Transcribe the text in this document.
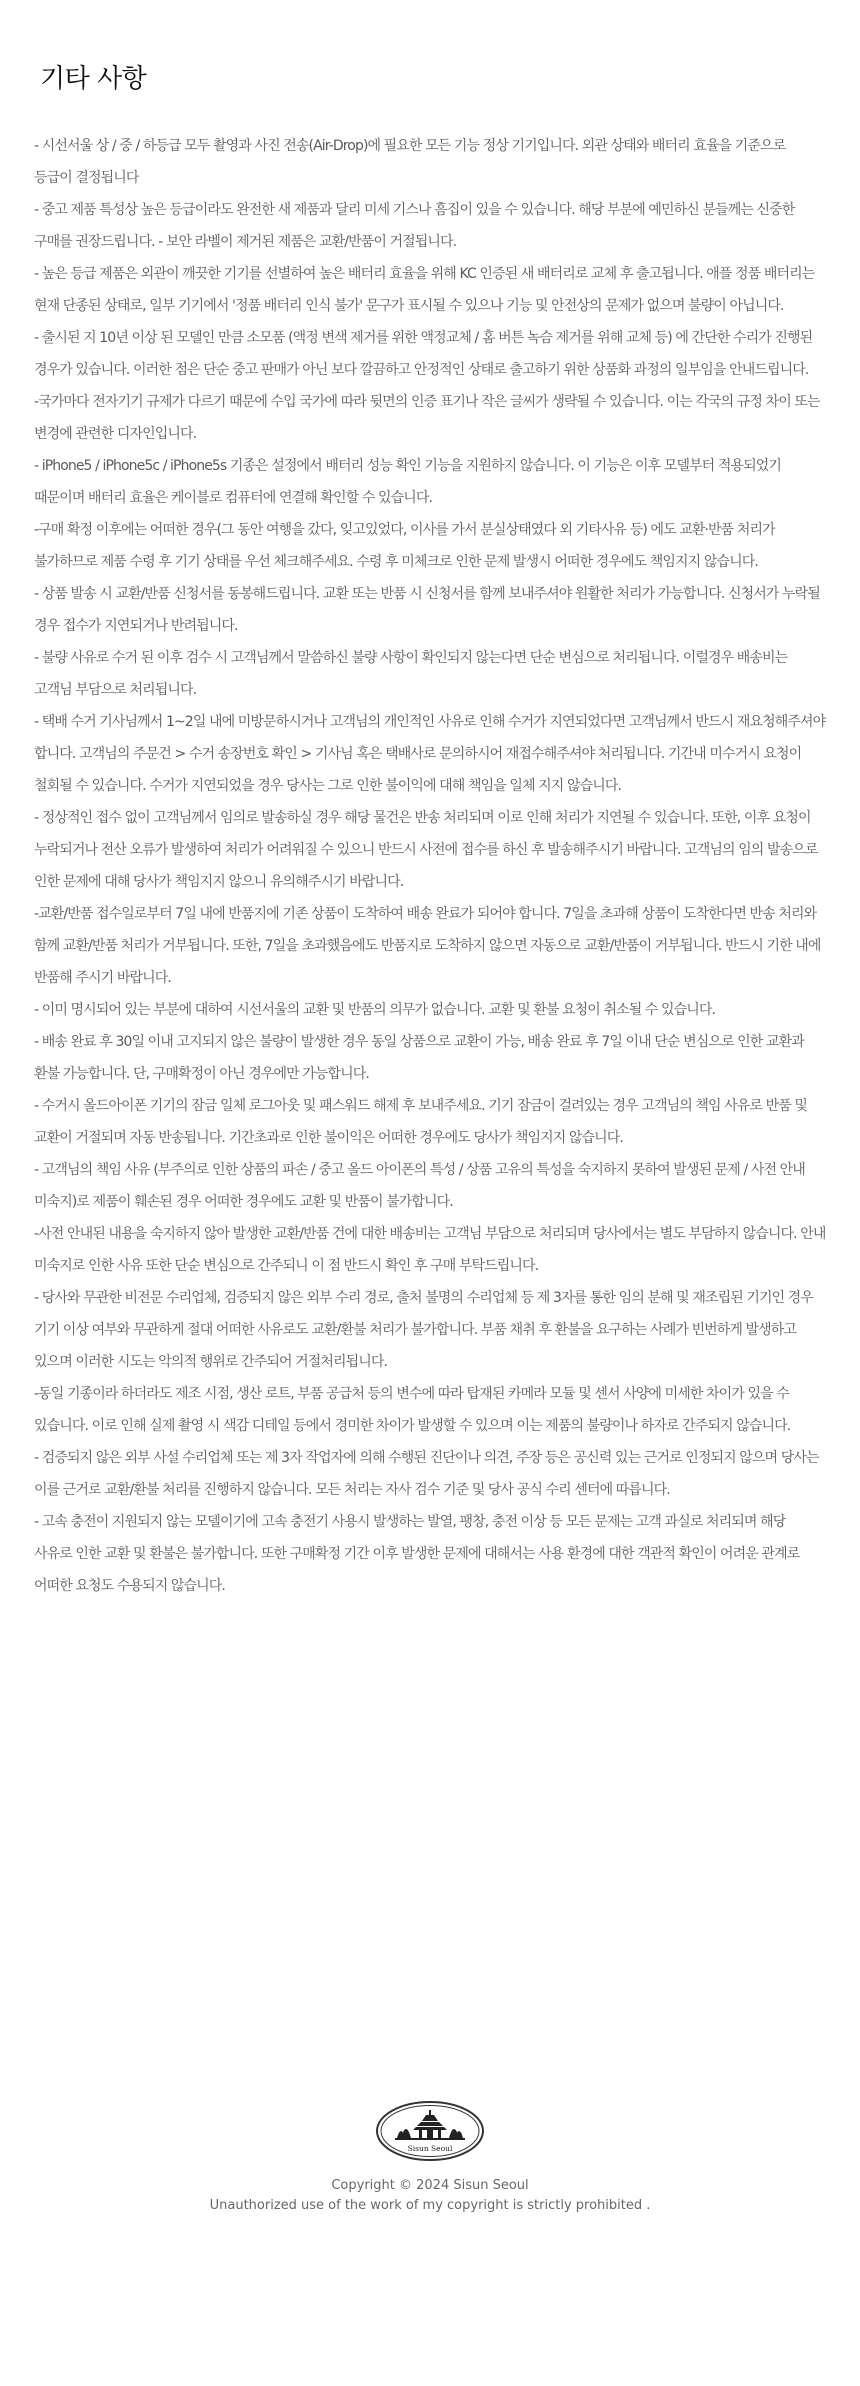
기타 사항
- 시선서울 상 / 중 / 하등급 모두 촬영과 사진 전송(Air-Drop)에 필요한 모든 기능 정상 기기입니다. 외관 상태와 배터리 효율을 기준으로 등급이 결정됩니다
- 중고 제품 특성상 높은 등급이라도 완전한 새 제품과 달리 미세 기스나 흠집이 있을 수 있습니다. 해당 부분에 예민하신 분들께는 신중한 구매를 권장드립니다. - 보안 라벨이 제거된 제품은 교환/반품이 거절됩니다.
- 높은 등급 제품은 외관이 깨끗한 기기를 선별하여 높은 배터리 효율을 위해 KC 인증된 새 배터리로 교체 후 출고됩니다. 애플 정품 배터리는 현재 단종된 상태로, 일부 기기에서 '정품 배터리 인식 불가' 문구가 표시될 수 있으나 기능 및 안전상의 문제가 없으며 불량이 아닙니다.
- 출시된 지 10년 이상 된 모델인 만큼 소모품 (액정 변색 제거를 위한 액정교체 / 홈 버튼 녹슴 제거를 위해 교체 등) 에 간단한 수리가 진행된 경우가 있습니다. 이러한 점은 단순 중고 판매가 아닌 보다 깔끔하고 안정적인 상태로 출고하기 위한 상품화 과정의 일부임을 안내드립니다.
-국가마다 전자기기 규제가 다르기 때문에 수입 국가에 따라 뒷면의 인증 표기나 작은 글씨가 생략될 수 있습니다. 이는 각국의 규정 차이 또는 변경에 관련한 디자인입니다.
- iPhone5 / iPhone5c / iPhone5s 기종은 설정에서 배터리 성능 확인 기능을 지원하지 않습니다. 이 기능은 이후 모델부터 적용되었기 때문이며 배터리 효율은 케이블로 컴퓨터에 연결해 확인할 수 있습니다.
-구매 확정 이후에는 어떠한 경우(그 동안 여행을 갔다, 잊고있었다, 이사를 가서 분실상태였다 외 기타사유 등) 에도 교환·반품 처리가 불가하므로 제품 수령 후 기기 상태를 우선 체크해주세요. 수령 후 미체크로 인한 문제 발생시 어떠한 경우에도 책임지지 않습니다.
- 상품 발송 시 교환/반품 신청서를 동봉해드립니다. 교환 또는 반품 시 신청서를 함께 보내주셔야 원활한 처리가 가능합니다. 신청서가 누락될 경우 접수가 지연되거나 반려됩니다.
- 불량 사유로 수거 된 이후 검수 시 고객님께서 말씀하신 불량 사항이 확인되지 않는다면 단순 변심으로 처리됩니다. 이럴경우 배송비는 고객님 부담으로 처리됩니다.
- 택배 수거 기사님께서 1~2일 내에 미방문하시거나 고객님의 개인적인 사유로 인해 수거가 지연되었다면 고객님께서 반드시 재요청해주셔야 합니다. 고객님의 주문건 > 수거 송장번호 확인 > 기사님 혹은 택배사로 문의하시어 재접수해주셔야 처리됩니다. 기간내 미수거시 요청이 철회될 수 있습니다. 수거가 지연되었을 경우 당사는 그로 인한 불이익에 대해 책임을 일체 지지 않습니다.
- 정상적인 접수 없이 고객님께서 임의로 발송하실 경우 해당 물건은 반송 처리되며 이로 인해 처리가 지연될 수 있습니다. 또한, 이후 요청이 누락되거나 전산 오류가 발생하여 처리가 어려워질 수 있으니 반드시 사전에 접수를 하신 후 발송해주시기 바랍니다. 고객님의 임의 발송으로 인한 문제에 대해 당사가 책임지지 않으니 유의해주시기 바랍니다.
-교환/반품 접수일로부터 7일 내에 반품지에 기존 상품이 도착하여 배송 완료가 되어야 합니다. 7일을 초과해 상품이 도착한다면 반송 처리와 함께 교환/반품 처리가 거부됩니다. 또한, 7일을 초과했음에도 반품지로 도착하지 않으면 자동으로 교환/반품이 거부됩니다. 반드시 기한 내에 반품해 주시기 바랍니다.
- 이미 명시되어 있는 부분에 대하여 시선서울의 교환 및 반품의 의무가 없습니다. 교환 및 환불 요청이 취소될 수 있습니다.
- 배송 완료 후 30일 이내 고지되지 않은 불량이 발생한 경우 동일 상품으로 교환이 가능, 배송 완료 후 7일 이내 단순 변심으로 인한 교환과 환불 가능합니다. 단, 구매확정이 아닌 경우에만 가능합니다.
- 수거시 올드아이폰 기기의 잠금 일체 로그아웃 및 패스워드 해제 후 보내주세요. 기기 잠금이 걸려있는 경우 고객님의 책임 사유로 반품 및 교환이 거절되며 자동 반송됩니다. 기간초과로 인한 불이익은 어떠한 경우에도 당사가 책임지지 않습니다.
- 고객님의 책임 사유 (부주의로 인한 상품의 파손 / 중고 올드 아이폰의 특성 / 상품 고유의 특성을 숙지하지 못하여 발생된 문제 / 사전 안내 미숙지)로 제품이 훼손된 경우 어떠한 경우에도 교환 및 반품이 불가합니다.
-사전 안내된 내용을 숙지하지 않아 발생한 교환/반품 건에 대한 배송비는 고객님 부담으로 처리되며 당사에서는 별도 부담하지 않습니다. 안내 미숙지로 인한 사유 또한 단순 변심으로 간주되니 이 점 반드시 확인 후 구매 부탁드립니다.
- 당사와 무관한 비전문 수리업체, 검증되지 않은 외부 수리 경로, 출처 불명의 수리업체 등 제 3자를 통한 임의 분해 및 재조립된 기기인 경우 기기 이상 여부와 무관하게 절대 어떠한 사유로도 교환/환불 처리가 불가합니다. 부품 채취 후 환불을 요구하는 사례가 빈번하게 발생하고 있으며 이러한 시도는 악의적 행위로 간주되어 거절처리됩니다.
-동일 기종이라 하더라도 제조 시점, 생산 로트, 부품 공급처 등의 변수에 따라 탑재된 카메라 모듈 및 센서 사양에 미세한 차이가 있을 수 있습니다. 이로 인해 실제 촬영 시 색감 디테일 등에서 경미한 차이가 발생할 수 있으며 이는 제품의 불량이나 하자로 간주되지 않습니다.
- 검증되지 않은 외부 사설 수리업체 또는 제 3자 작업자에 의해 수행된 진단이나 의견, 주장 등은 공신력 있는 근거로 인정되지 않으며 당사는 이를 근거로 교환/환불 처리를 진행하지 않습니다. 모든 처리는 자사 검수 기준 및 당사 공식 수리 센터에 따릅니다.
- 고속 충전이 지원되지 않는 모델이기에 고속 충전기 사용시 발생하는 발열, 팽창, 충전 이상 등 모든 문제는 고객 과실로 처리되며 해당 사유로 인한 교환 및 환불은 불가합니다. 또한 구매확정 기간 이후 발생한 문제에 대해서는 사용 환경에 대한 객관적 확인이 어려운 관계로 어떠한 요청도 수용되지 않습니다.
Sisun Seoul
Copyright © 2024 Sisun Seoul
Unauthorized use of the work of my copyright is strictly prohibited .
